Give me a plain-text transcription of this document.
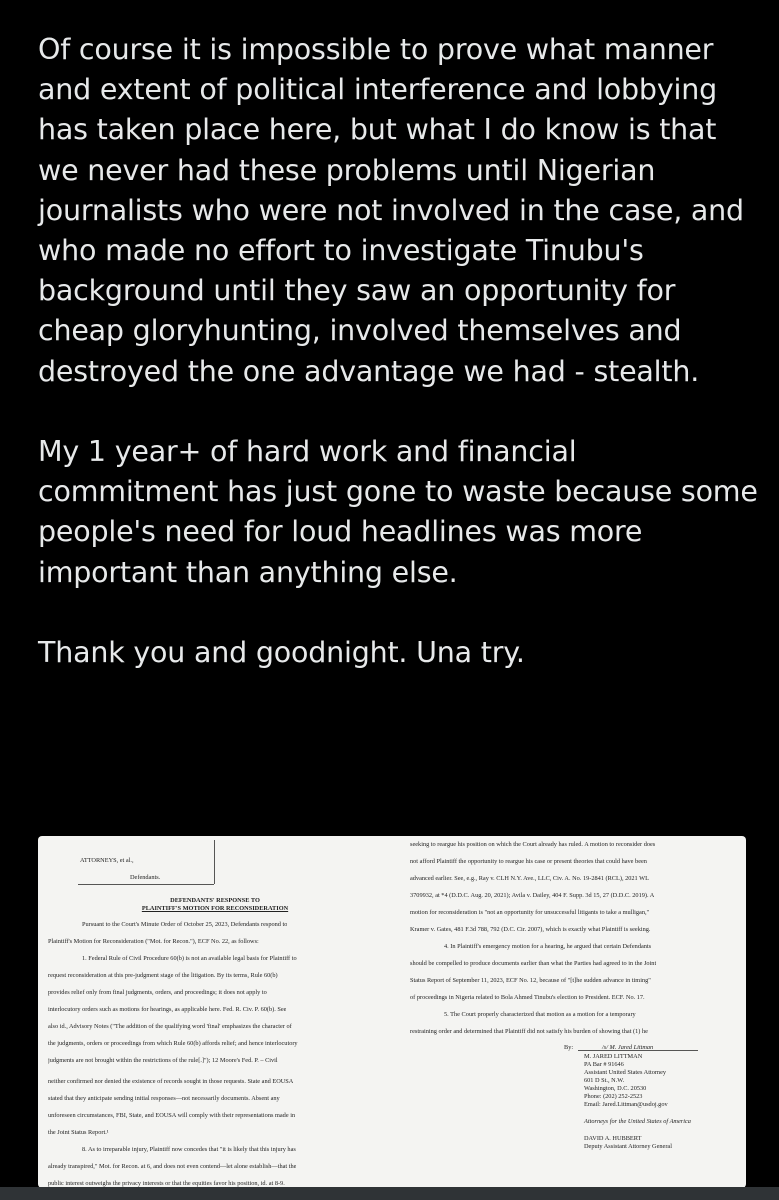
Of course it is impossible to prove what manner and extent of political interference and lobbying has taken place here, but what I do know is that we never had these problems until Nigerian journalists who were not involved in the case, and who made no effort to investigate Tinubu's background until they saw an opportunity for cheap gloryhunting, involved themselves and destroyed the one advantage we had - stealth.

My 1 year+ of hard work and financial commitment has just gone to waste because some people's need for loud headlines was more important than anything else.

Thank you and goodnight. Una try.

ATTORNEYS, et al.,
Defendants.
DEFENDANTS' RESPONSE TO
PLAINTIFF'S MOTION FOR RECONSIDERATION
Pursuant to the Court's Minute Order of October 25, 2023, Defendants respond to
Plaintiff's Motion for Reconsideration ("Mot. for Recon."), ECF No. 22, as follows:
1. Federal Rule of Civil Procedure 60(b) is not an available legal basis for Plaintiff to
request reconsideration at this pre-judgment stage of the litigation. By its terms, Rule 60(b)
provides relief only from final judgments, orders, and proceedings; it does not apply to
interlocutory orders such as motions for hearings, as applicable here. Fed. R. Civ. P. 60(b). See
also id., Advisory Notes ("The addition of the qualifying word 'final' emphasizes the character of
the judgments, orders or proceedings from which Rule 60(b) affords relief; and hence interlocutory
judgments are not brought within the restrictions of the rule[.]"); 12 Moore's Fed. P. – Civil
neither confirmed nor denied the existence of records sought in those requests. State and EOUSA
stated that they anticipate sending initial responses—not necessarily documents. Absent any
unforeseen circumstances, FBI, State, and EOUSA will comply with their representations made in
the Joint Status Report.¹
8. As to irreparable injury, Plaintiff now concedes that "it is likely that this injury has
already transpired," Mot. for Recon. at 6, and does not even contend—let alone establish—that the
public interest outweighs the privacy interests or that the equities favor his position, id. at 8-9.
seeking to reargue his position on which the Court already has ruled. A motion to reconsider does
not afford Plaintiff the opportunity to reargue his case or present theories that could have been
advanced earlier. See, e.g., Ray v. CLH N.Y. Ave., LLC, Civ. A. No. 19-2841 (RCL), 2021 WL
3709932, at *4 (D.D.C. Aug. 20, 2021); Avila v. Dailey, 404 F. Supp. 3d 15, 27 (D.D.C. 2019). A
motion for reconsideration is "not an opportunity for unsuccessful litigants to take a mulligan,"
Kramer v. Gates, 481 F.3d 788, 792 (D.C. Cir. 2007), which is exactly what Plaintiff is seeking.
4. In Plaintiff's emergency motion for a hearing, he argued that certain Defendants
should be compelled to produce documents earlier than what the Parties had agreed to in the Joint
Status Report of September 11, 2023, ECF No. 12, because of "[t]he sudden advance in timing"
of proceedings in Nigeria related to Bola Ahmed Tinubu's election to President. ECF. No. 17.
5. The Court properly characterized that motion as a motion for a temporary
restraining order and determined that Plaintiff did not satisfy his burden of showing that (1) he
By:	/s/ M. Jared Littman
M. JARED LITTMAN
PA Bar # 91646
Assistant United States Attorney
601 D St., N.W.
Washington, D.C. 20530
Phone: (202) 252-2523
Email: Jared.Littman@usdoj.gov
Attorneys for the United States of America
DAVID A. HUBBERT
Deputy Assistant Attorney General
